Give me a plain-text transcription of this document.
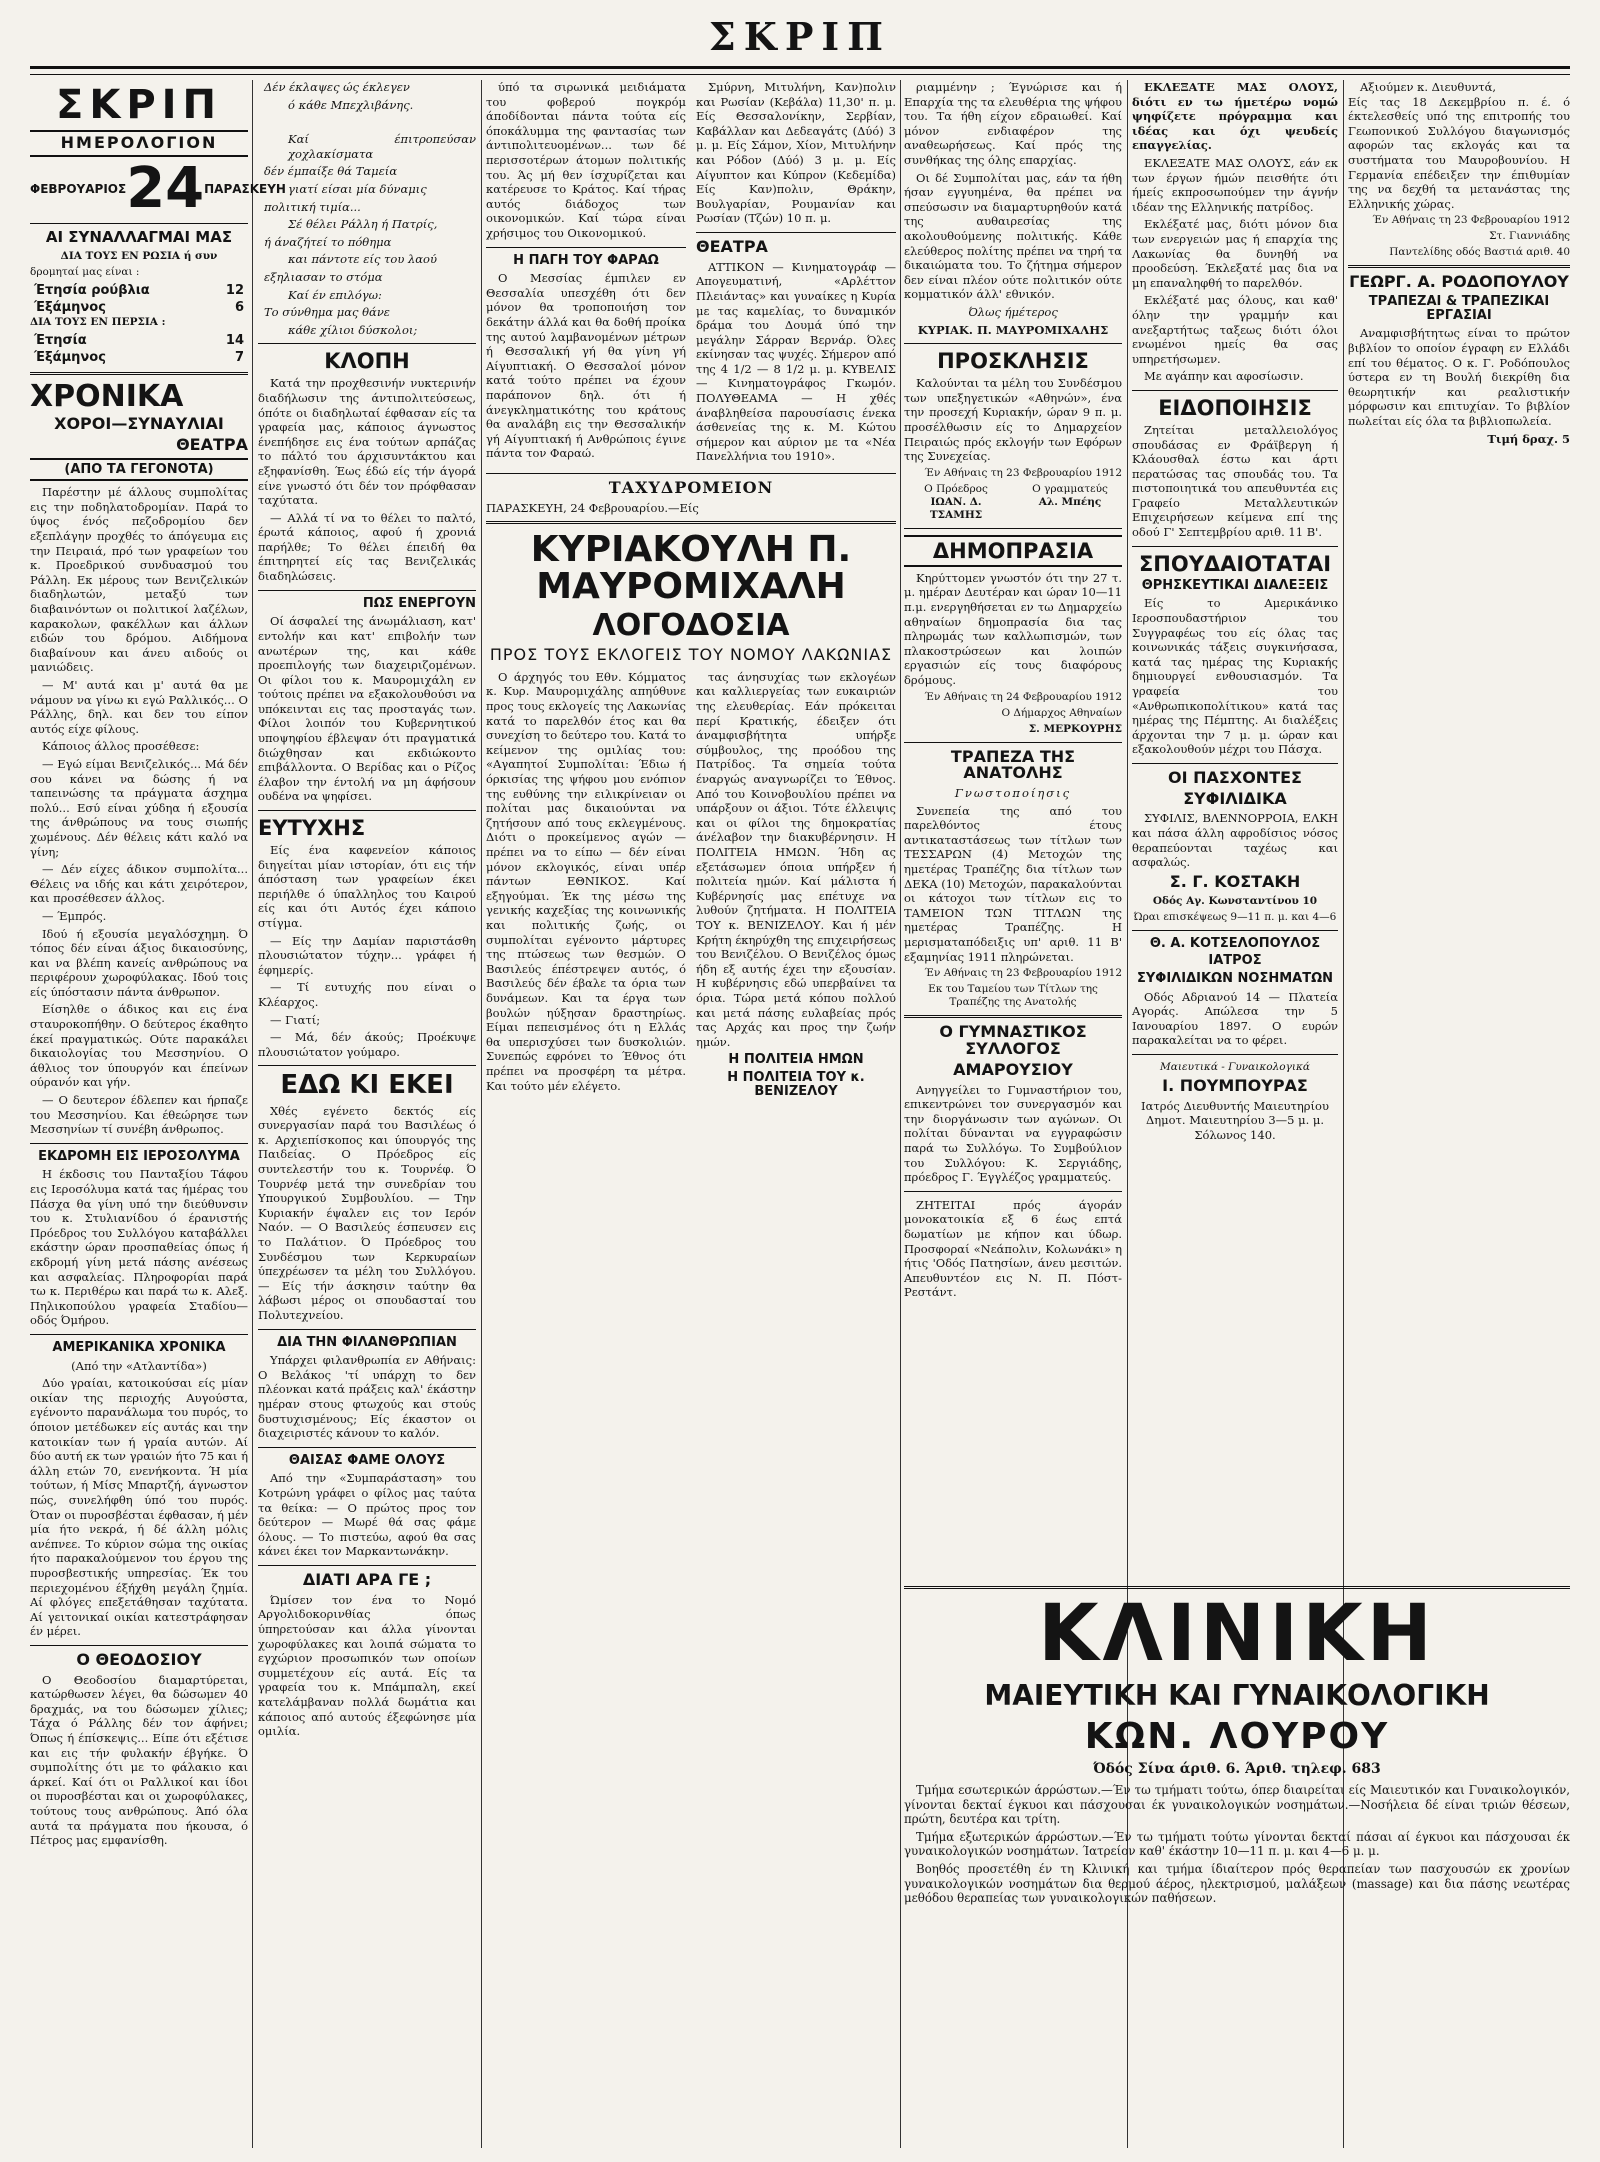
ΣΚΡΙΠ
ΣΚΡΙΠ
ΗΜΕΡΟΛΟΓΙΟΝ
ΦΕΒΡΟΥΑΡΙΟΣ 24 ΠΑΡΑΣΚΕΥΗ
ΑΙ ΣΥΝΑΛΛΑΓΜΑΙ ΜΑΣ
ΔΙΑ ΤΟΥΣ ΕΝ ΡΩΣΙΑ ή συν
δρομηταί μας είναι :
Έτησία ρούβλια	12
Έξάμηνος	6
ΔΙΑ ΤΟΥΣ ΕΝ ΠΕΡΣΙΑ :
Έτησία	14
Έξάμηνος	7
ΧΡΟΝΙΚΑ
ΧΟΡΟΙ—ΣΥΝΑΥΛΙΑΙ
ΘΕΑΤΡΑ
(ΑΠΟ ΤΑ ΓΕΓΟΝΟΤΑ)

Παρέστην μέ άλλους συμπολίτας εις την ποδηλατοδρομίαν. Παρά το ύψος ένός πεζοδρομίου δεν εξεπλάγην προχθές το άπόγευμα εις την Πειραιά, πρό των γραφείων του κ. Προεδρικού συνδυασμού του Ράλλη. Εκ μέρους των Βενιζελικών διαδηλωτών, μεταξύ των διαβαινόντων οι πολιτικοί λαζέλων, καρακολων, φακέλλων και άλλων ειδών του δρόμου. Αιδήμονα διαβαίνουν και άνευ αιδούς οι μανιώδεις.

— Μ' αυτά και μ' αυτά θα με νάμουν να γίνω κι εγώ Ραλλικός... Ο Ράλλης, δηλ. και δεν του είπον αυτός είχε φίλους.

Κάποιος άλλος προσέθεσε:

— Εγώ είμαι Βενιζελικός... Μά δέν σου κάνει να δώσης ή να ταπεινώσης τα πράγματα άσχημα πολύ... Εσύ είναι χύδηα ή εξουσία της άνθρώπους να τους σιωπής χωμένους. Δέν θέλεις κάτι καλό να γίνη;

— Δέν είχες άδικον συμπολίτα... Θέλεις να ιδής και κάτι χειρότερον, και προσέθεσεν άλλος.

— Έμπρός.

Ιδού ή εξουσία μεγαλόσχημη. Ό τόπος δέν είναι άξιος δικαιοσύνης, και να βλέπη κανείς ανθρώπους να περιφέρουν χωροφύλακας. Ιδού τοις είς ύπόστασιν πάντα άνθρωπον.

Είσηλθε ο άδικος και εις ένα σταυροκοπήθην. Ο δεύτερος έκαθητο έκεί πραγματικώς. Ούτε παρακάλει δικαιολογίας του Μεσσηνίου. Ο άθλιος τον ύπουργόν και έπείνων ούρανόν και γήν.

— Ο δευτερον έδλεπεν και ήρπαζε του Μεσσηνίου. Και έθεώρησε των Μεσσηνίων τί συνέβη άνθρωπος.

ΕΚΔΡΟΜΗ ΕΙΣ ΙΕΡΟΣΟΛΥΜΑ

Η έκδοσις του Πανταξίου Τάφου εις Ιεροσόλυμα κατά τας ήμέρας του Πάσχα θα γίνη υπό την διεύθυνσιν του κ. Στυλιανίδου ό έρανιστής Πρόεδρος του Συλλόγου καταβάλλει εκάστην ώραν προσπαθείας όπως ή εκδρομή γίνη μετά πάσης ανέσεως και ασφαλείας. Πληροφορίαι παρά τω κ. Περιθέρω και παρά τω κ. Αλεξ. Πηλικοπούλου γραφεία Σταδίου—οδός Όμήρου.

ΑΜΕΡΙΚΑΝΙΚΑ ΧΡΟΝΙΚΑ
(Από την «Ατλαντίδα»)

Δύο γραίαι, κατοικούσαι είς μίαν οικίαν της περιοχής Αυγούστα, εγένοντο παρανάλωμα του πυρός, το όποιον μετέδωκεν είς αυτάς και την κατοικίαν των ή γραία αυτών. Αί δύο αυτή εκ των γραιών ήτο 75 και ή άλλη ετών 70, ενενήκοντα. Ή μία τούτων, ή Μίσς Μπαρτζή, άγνωστον πώς, συνελήφθη ύπό του πυρός. Όταν οι πυροσβέσται έφθασαν, ή μέν μία ήτο νεκρά, ή δέ άλλη μόλις ανέπνεε. Το κύριον σώμα της οικίας ήτο παρακαλούμενον του έργου της πυροσβεστικής υπηρεσίας. Έκ του περιεχομένου έξήχθη μεγάλη ζημία. Αί φλόγες επεξετάθησαν ταχύτατα. Αί γειτονικαί οικίαι κατεστράφησαν έν μέρει.

Ο ΘΕΟΔΟΣΙΟΥ

Ο Θεοδοσίου διαμαρτύρεται, κατώρθωσεν λέγει, θα δώσωμεν 40 δραχμάς, να του δώσωμεν χίλιες; Τάχα ό Ράλλης δέν τον άφήνει; Όπως ή έπίσκεψις... Είπε ότι εξέτισε και εις τήν φυλακήν έβγήκε. Ό συμπολίτης ότι με το φάλακιο και άρκεί. Καί ότι οι Ραλλικοί και ίδοι οι πυροσβέσται και οι χωροφύλακες, τούτους τους ανθρώπους. Άπό όλα αυτά τα πράγματα που ήκουσα, ό Πέτρος μας εμφανίσθη.

Δέν έκλαψες ώς έκλεγεν
ό κάθε Μπεχλιβάνης.
Καί έπιτροπεύσαν χοχλακίσματα
δέν έμπαίξε θά Ταμεία
γιατί είσαι μία δύναμις
πολιτική τιμία...
Σέ θέλει Ράλλη ή Πατρίς,
ή άναζήτεί το πόθημα
και πάντοτε είς του λαού
εξηλιασαν το στόμα
Καί έν επιλόγω:
Το σύνθημα μας θάνε
κάθε χίλιοι δύσκολοι;
ΚΛΟΠΗ

Κατά την προχθεσινήν νυκτερινήν διαδήλωσιν της άντιπολιτεύσεως, όπότε οι διαδηλωταί έφθασαν είς τα γραφεία μας, κάποιος άγνωστος ένεπήδησε εις ένα τούτων αρπάζας το πάλτό του άρχισυντάκτου και εξηφανίσθη. Έως έδώ είς τήν άγορά είνε γνωστό ότι δέν τον πρόφθασαν ταχύτατα.

— Αλλά τί να το θέλει το παλτό, έρωτά κάποιος, αφού ή χρονιά παρήλθε; Το θέλει έπειδή θα έπιτηρητεί είς τας Βενιζελικάς διαδηλώσεις.

ΠΩΣ ΕΝΕΡΓΟΥΝ

Οί άσφαλεί της άνωμάλιαση, κατ' εντολήν και κατ' επιβολήν των ανωτέρων της, και κάθε προεπιλογής των διαχειριζομένων. Οι φίλοι του κ. Μαυρομιχάλη εν τούτοις πρέπει να εξακολουθούσι να υπόκεινται εις τας προσταγάς των. Φίλοι λοιπόν του Κυβερνητικού υποψηφίου έβλεψαν ότι πραγματικά διώχθησαν και εκδιώκοντο επιβάλλοντα. Ο Βερίδας και ο Ρίζος έλαβον την έντολή να μη άφήσουν ουδένα να ψηφίσει.

ΕΥΤΥΧΗΣ

Είς ένα καφενείον κάποιος διηγείται μίαν ιστορίαν, ότι εις τήν άπόσταση των γραφείων έκει περιήλθε ό ύπαλληλος του Καιρού είς και ότι Αυτός έχει κάποιο στίγμα.

— Είς την Δαμίαν παριστάσθη πλουσιώτατον τύχην... γράφει ή έφημερίς.

— Τί ευτυχής που είναι ο Κλέαρχος.

— Γιατί;

— Μά, δέν άκούς; Προέκυψε πλουσιώτατον γούμαρο.

ΕΔΩ ΚΙ ΕΚΕΙ

Χθές εγένετο δεκτός είς συνεργασίαν παρά του Βασιλέως ό κ. Αρχιεπίσκοπος και ύπουργός της Παιδείας. Ο Πρόεδρος είς συντελεστήν του κ. Τουρνέφ. Ό Τουρνέφ μετά την συνεδρίαν του Υπουργικού Συμβουλίου. — Την Κυριακήν έψαλεν εις τον Ιερόν Ναόν. — Ο Βασιλεύς έσπευσεν εις το Παλάτιον. Ό Πρόεδρος του Συνδέσμου των Κερκυραίων ύπεχρέωσεν τα μέλη του Συλλόγου. — Είς τήν άσκησιν ταύτην θα λάβωσι μέρος οι σπουδασταί του Πολυτεχνείου.

ΔΙΑ ΤΗΝ ΦΙΛΑΝΘΡΩΠΙΑΝ

Υπάρχει φιλανθρωπία εν Αθήναις: Ο Βελάκος 'τί υπάρχη το δεν πλέονκαι κατά πράξεις καλ' έκάστην ημέραν στους φτωχούς και στούς δυστυχισμένους; Είς έκαστον οι διαχειριστές κάνουν το καλόν.

ΘΑΙΣΑΣ ΦΑΜΕ ΟΛΟΥΣ

Από την «Συμπαράσταση» του Κοτρώνη γράφει ο φίλος μας ταύτα τα θείκα: — Ο πρώτος προς τον δεύτερον — Μωρέ θά σας φάμε όλους. — Το πιστεύω, αφού θα σας κάνει έκει τον Μαρκαντωνάκην.

ΔΙΑΤΙ ΑΡΑ ΓΕ ;

Ώμίσεν τον ένα το Νομό Αργολιδοκορινθίας όπως ύπηρετούσαν και άλλα γίνονται χωροφύλακες και λοιπά σώματα το εγχώριον προσωπικόν των οποίων συμμετέχουν είς αυτά. Είς τα γραφεία του κ. Μπάμπαλη, εκεί κατελάμβαναν πολλά δωμάτια και κάποιος από αυτούς έξεφώνησε μία ομιλία.

ύπό τα σιρωνικά μειδιάματα του φοβερού πογκρόμ άποδίδονται πάντα τούτα είς όποκάλυμμα της φαντασίας των άντιπολιτευομένων... των δέ περισσοτέρων άτομων πολιτικής του. Άς μή θεν ίσχυρίζεται και κατέρευσε το Κράτος. Καί τήρας αυτός διάδοχος των οικονομικών. Καί τώρα είναι χρήσιμος του Οικονομικού.

Η ΠΑΓΗ ΤΟΥ ΦΑΡΑΩ

Ο Μεσσίας έμπιλεν εν Θεσσαλία υπεσχέθη ότι δεν μόνον θα τροποποιήση τον δεκάτην άλλά και θα δοθή προίκα της αυτού λαμβανομένων μέτρων ή Θεσσαλική γή θα γίνη γή Αίγυπτιακή. Ο Θεσσαλοί μόνον κατά τούτο πρέπει να έχουν παράπονον δηλ. ότι ή άνεγκληματικότης του κράτους θα αναλάβη εις την Θεσσαλικήν γή Αίγυπτιακή ή Ανθρώποις έγινε πάντα τον Φαραώ.

Σμύρνη, Μιτυλήνη, Καν)πολιν και Ρωσίαν (Κεβάλα) 11,30' π. μ. Είς Θεσσαλονίκην, Σερβίαν, Καβάλλαν και Δεδεαγάτς (Δύό) 3 μ. μ. Είς Σάμον, Χίον, Μιτυλήνην και Ρόδον (Δύό) 3 μ. μ. Είς Αίγυπτον και Κύπρον (Κεδεμίδα) Είς Καν)πολιν, Θράκην, Βουλγαρίαν, Ρουμανίαν και Ρωσίαν (Τζών) 10 π. μ.

ΘΕΑΤΡΑ

ΑΤΤΙΚΟΝ — Κινηματογράφ — Απογευματινή, «Αρλέττον Πλειάντας» και γυναίκες η Κυρία με τας καμελίας, το δυναμικόν δράμα του Δουμά ύπό την μεγάλην Σάρραν Βερνάρ. Όλες εκίνησαν τας ψυχές. Σήμερον από της 4 1/2 — 8 1/2 μ. μ. ΚΥΒΕΛΙΣ — Κινηματογράφος Γκωμόν. ΠΟΛΥΘΕΑΜΑ — Η χθές άναβληθείσα παρουσίασις ένεκα άσθενείας της κ. Μ. Κώτου σήμερον και αύριον με τα «Νέα Πανελλήνια του 1910».

ΤΑΧΥΔΡΟΜΕΙΟΝ

ΠΑΡΑΣΚΕΥΗ, 24 Φεβρουαρίου.—Είς

ΚΥΡΙΑΚΟΥΛΗ Π. ΜΑΥΡΟΜΙΧΑΛΗ
ΛΟΓΟΔΟΣΙΑ
ΠΡΟΣ ΤΟΥΣ ΕΚΛΟΓΕΙΣ ΤΟΥ ΝΟΜΟΥ ΛΑΚΩΝΙΑΣ

Ο άρχηγός του Εθν. Κόμματος κ. Κυρ. Μαυρομιχάλης απηύθυνε προς τους εκλογείς της Λακωνίας κατά το παρελθόν έτος και θα συνεχίση το δεύτερο του. Κατά το κείμενον της ομιλίας του: «Αγαπητοί Συμπολίται: Έδιω ή όρκισίας της ψήφου μου ενόπιον της ευθύνης την ειλικρίνειαν οι πολίται μας δικαιούνται να ζητήσουν από τους εκλεγμένους. Διότι ο προκείμενος αγών — πρέπει να το είπω — δέν είναι μόνον εκλογικός, είναι υπέρ πάντων ΕΘΝΙΚΟΣ. Καί εξηγούμαι. Έκ της μέσω της γενικής καχεξίας της κοινωνικής και πολιτικής ζωής, οι συμπολίται εγένοντο μάρτυρες της πτώσεως των θεσμών. Ο Βασιλεύς έπέστρεψεν αυτός, ό Βασιλεύς δέν έβαλε τα όρια των δυνάμεων. Και τα έργα των βουλών ηύξησαν δραστηρίως. Είμαι πεπεισμένος ότι η Ελλάς θα υπερισχύσει των δυσκολιών. Συνεπώς εφρόνει το Έθνος ότι πρέπει να προσφέρη τα μέτρα. Και τούτο μέν ελέγετο.

τας άνησυχίας των εκλογέων και καλλιεργείας των ευκαιριών της ελευθερίας. Εάν πρόκειται περί Κρατικής, έδειξεν ότι άναμφισβήτητα υπήρξε σύμβουλος, της προόδου της Πατρίδος. Τα σημεία τούτα έναργώς αναγνωρίζει το Έθνος. Από του Κοινοβουλίου πρέπει να υπάρξουν οι άξιοι. Τότε έλλειψις και οι φίλοι της δημοκρατίας άνέλαβον την διακυβέρνησιν. Η ΠΟΛΙΤΕΙΑ ΗΜΩΝ. Ήδη ας εξετάσωμεν όποια υπήρξεν ή πολιτεία ημών. Καί μάλιστα ή Κυβέρνησίς μας επέτυχε να λυθούν ζητήματα. Η ΠΟΛΙΤΕΙΑ ΤΟΥ κ. ΒΕΝΙΖΕΛΟΥ. Και ή μέν Κρήτη έκηρύχθη της επιχειρήσεως του Βενιζέλου. Ο Βενιζέλος όμως ήδη εξ αυτής έχει την εξουσίαν. Η κυβέρνησις εδώ υπερβαίνει τα όρια. Τώρα μετά κόπου πολλού και μετά πάσης ευλαβείας πρός τας Αρχάς και προς την ζωήν ημών.

Η ΠΟΛΙΤΕΙΑ ΗΜΩΝ
Η ΠΟΛΙΤΕΙΑ ΤΟΥ κ. ΒΕΝΙΖΕΛΟΥ

ριαμμένην ; Έγνώρισε και ή Επαρχία της τα ελευθέρια της ψήφου του. Τα ήθη είχον εδραιωθεί. Καί μόνον ενδιαφέρον της αναθεωρήσεως. Καί πρός της συνθήκας της όλης επαρχίας.

Οι δέ Συμπολίται μας, εάν τα ήθη ήσαν εγγυημένα, θα πρέπει να σπεύσωσιν να διαμαρτυρηθούν κατά της αυθαιρεσίας της ακολουθούμενης πολιτικής. Κάθε ελεύθερος πολίτης πρέπει να τηρή τα δικαιώματα του. Το ζήτημα σήμερον δεν είναι πλέον ούτε πολιτικόν ούτε κομματικόν άλλ' εθνικόν.

Όλως ήμέτερος
ΚΥΡΙΑΚ. Π. ΜΑΥΡΟΜΙΧΑΛΗΣ
ΠΡΟΣΚΛΗΣΙΣ

Καλούνται τα μέλη του Συνδέσμου των υπεξηγετικών «Αθηνών», ένα την προσεχή Κυριακήν, ώραν 9 π. μ. προσέλθωσιν είς το Δημαρχείον Πειραιώς πρός εκλογήν των Εφόρων της Συνεχείας.

Έν Αθήναις τη 23 Φεβρουαρίου 1912
Ο Πρόεδρος
ΙΩΑΝ. Δ. ΤΣΑΜΗΣ
Ο γραμματεύς
Αλ. Μπέης
ΔΗΜΟΠΡΑΣΙΑ

Κηρύττομεν γνωστόν ότι την 27 τ. μ. ημέραν Δευτέραν και ώραν 10—11 π.μ. ενεργηθήσεται εν τω Δημαρχείω αθηναίων δημοπρασία δια τας πληρωμάς των καλλωπισμών, των πλακοστρώσεων και λοιπών εργασιών είς τους διαφόρους δρόμους.

Έν Αθήναις τη 24 Φεβρουαρίου 1912
Ο Δήμαρχος Αθηναίων
Σ. ΜΕΡΚΟΥΡΗΣ
ΤΡΑΠΕΖΑ ΤΗΣ ΑΝΑΤΟΛΗΣ
Γνωστοποίησις

Συνεπεία της από του παρελθόντος έτους αντικαταστάσεως των τίτλων των ΤΕΣΣΑΡΩΝ (4) Μετοχών της ημετέρας Τραπέζης δια τίτλων των ΔΕΚΑ (10) Μετοχών, παρακαλούνται οι κάτοχοι των τίτλων εις το ΤΑΜΕΙΟΝ ΤΩΝ ΤΙΤΛΩΝ της ημετέρας Τραπέζης. Η μερισματαπόδειξις υπ' αριθ. 11 Β' εξαμηνίας 1911 πληρώνεται.

Έν Αθήναις τη 23 Φεβρουαρίου 1912
Εκ του Ταμείου των Τίτλων της Τραπέζης της Ανατολής
Ο ΓΥΜΝΑΣΤΙΚΟΣ ΣΥΛΛΟΓΟΣ
ΑΜΑΡΟΥΣΙΟΥ

Ανηγγείλει το Γυμναστήριον του, επικεντρώνει τον συνεργασμόν και την διοργάνωσιν των αγώνων. Οι πολίται δύνανται να εγγραφώσιν παρά τω Συλλόγω. Το Συμβούλιον του Συλλόγου: Κ. Σεργιάδης, πρόεδρος Γ. Έγγλέζος γραμματεύς.

ΖΗΤΕΙΤΑΙ πρός άγοράν μονοκατοικία εξ 6 έως επτά δωματίων με κήπον και ύδωρ. Προσφοραί «Νεάπολιν, Κολωνάκι» η ήτις 'Οδός Πατησίων, άνευ μεσιτών. Απευθυντέον εις Ν. Π. Πόστ-Ρεστάντ.

ΕΚΛΕΞΑΤΕ ΜΑΣ ΟΛΟΥΣ, διότι εν τω ήμετέρω νομώ ψηφίζετε πρόγραμμα και ιδέας και όχι ψευδείς επαγγελίας.

ΕΚΛΕΞΑΤΕ ΜΑΣ ΟΛΟΥΣ, εάν εκ των έργων ήμών πεισθήτε ότι ήμείς εκπροσωπούμεν την άγνήν ιδέαν της Ελληνικής πατρίδος.

Εκλέξατέ μας, διότι μόνον δια των ενεργειών μας ή επαρχία της Λακωνίας θα δυνηθή να προοδεύση. Έκλεξατέ μας δια να μη επαναληφθή το παρελθόν.

Εκλέξατέ μας όλους, και καθ' όλην την γραμμήν και ανεξαρτήτως ταξεως διότι όλοι ενωμένοι ημείς θα σας υπηρετήσωμεν.

Με αγάπην και αφοσίωσιν.

ΕΙΔΟΠΟΙΗΣΙΣ

Ζητείται μεταλλειολόγος σπουδάσας εν Φράϊβεργη ή Κλάουσθαλ έστω και άρτι περατώσας τας σπουδάς του. Τα πιστοποιητικά του απευθυντέα εις Γραφείο Μεταλλευτικών Επιχειρήσεων κείμενα επί της οδού Γ' Σεπτεμβρίου αριθ. 11 Β'.

ΣΠΟΥΔΑΙΟΤΑΤΑΙ
ΘΡΗΣΚΕΥΤΙΚΑΙ ΔΙΑΛΕΞΕΙΣ

Είς το Αμερικάνικο Ιεροσπουδαστήριον του Συγγραφέως του είς όλας τας κοινωνικάς τάξεις συγκινήσασα, κατά τας ημέρας της Κυριακής δημιουργεί ενθουσιασμόν. Τα γραφεία του «Ανθρωπικοπολίτικου» κατά τας ημέρας της Πέμπτης. Αι διαλέξεις άρχονται την 7 μ. μ. ώραν και εξακολουθούν μέχρι του Πάσχα.

ΟΙ ΠΑΣΧΟΝΤΕΣ
ΣΥΦΙΛΙΔΙΚΑ

ΣΥΦΙΛΙΣ, ΒΛΕΝΝΟΡΡΟΙΑ, ΕΛΚΗ και πάσα άλλη αφροδίσιος νόσος θεραπεύονται ταχέως και ασφαλώς.

Σ. Γ. ΚΟΣΤΑΚΗ
Οδός Αγ. Κωνσταντίνου 10
Ώραι επισκέψεως 9—11 π. μ. και 4—6
Θ. Α. ΚΟΤΣΕΛΟΠΟΥΛΟΣ
ΙΑΤΡΟΣ
ΣΥΦΙΛΙΔΙΚΩΝ ΝΟΣΗΜΑΤΩΝ

Οδός Αδριανού 14 — Πλατεία Αγοράς. Απώλεσα την 5 Ιανουαρίου 1897. Ο ευρών παρακαλείται να το φέρει.

Μαιευτικά - Γυναικολογικά
Ι. ΠΟΥΜΠΟΥΡΑΣ

Ιατρός Διευθυντής Μαιευτηρίου Δημοτ. Μαιευτηρίου 3—5 μ. μ. Σόλωνος 140.

Αξιούμεν κ. Διευθυντά,
Είς τας 18 Δεκεμβρίου π. έ. ό έκτελεσθείς υπό της επιτροπής του Γεωπονικού Συλλόγου διαγωνισμός αφορών τας εκλογάς και τα συστήματα του Μαυροβουνίου. Η Γερμανία επέδειξεν την έπιθυμίαν της να δεχθή τα μετανάστας της Ελληνικής χώρας.

Έν Αθήναις τη 23 Φεβρουαρίου 1912
Στ. Γιαννιάδης
Παντελίδης οδός Βαστιά αριθ. 40
ΓΕΩΡΓ. Α. ΡΟΔΟΠΟΥΛΟΥ
ΤΡΑΠΕΖΑΙ & ΤΡΑΠΕΖΙΚΑΙ ΕΡΓΑΣΙΑΙ

Αναμφισβήτητως είναι το πρώτον βιβλίον το οποίον έγραφη εν Ελλάδι επί του θέματος. Ο κ. Γ. Ροδόπουλος ύστερα εν τη Βουλή διεκρίθη δια θεωρητικήν και ρεαλιστικήν μόρφωσιν και επιτυχίαν. Το βιβλίον πωλείται είς όλα τα βιβλιοπωλεία.

Τιμή δραχ. 5
ΚΛΙΝΙΚΗ
ΜΑΙΕΥΤΙΚΗ ΚΑΙ ΓΥΝΑΙΚΟΛΟΓΙΚΗ
ΚΩΝ. ΛΟΥΡΟΥ
Όδός Σίνα άριθ. 6. Άριθ. τηλεφ. 683

Τμήμα εσωτερικών άρρώστων.—Έν τω τμήματι τούτω, όπερ διαιρείται είς Μαιευτικόν και Γυναικολογικόν, γίνονται δεκταί έγκυοι και πάσχουσαι έκ γυναικολογικών νοσημάτων.—Νοσήλεια δέ είναι τριών θέσεων, πρώτη, δευτέρα και τρίτη.

Τμήμα εξωτερικών άρρώστων.—Έν τω τμήματι τούτω γίνονται δεκταί πάσαι αί έγκυοι και πάσχουσαι έκ γυναικολογικών νοσημάτων. Ίατρείον καθ' έκάστην 10—11 π. μ. και 4—6 μ. μ.

Βοηθός προσετέθη έν τη Κλινική και τμήμα ίδιαίτερον πρός θεραπείαν των πασχουσών εκ χρονίων γυναικολογικών νοσημάτων δια θερμού άέρος, ηλεκτρισμού, μαλάξεων (massage) και δια πάσης νεωτέρας μεθόδου θεραπείας των γυναικολογικών παθήσεων.
